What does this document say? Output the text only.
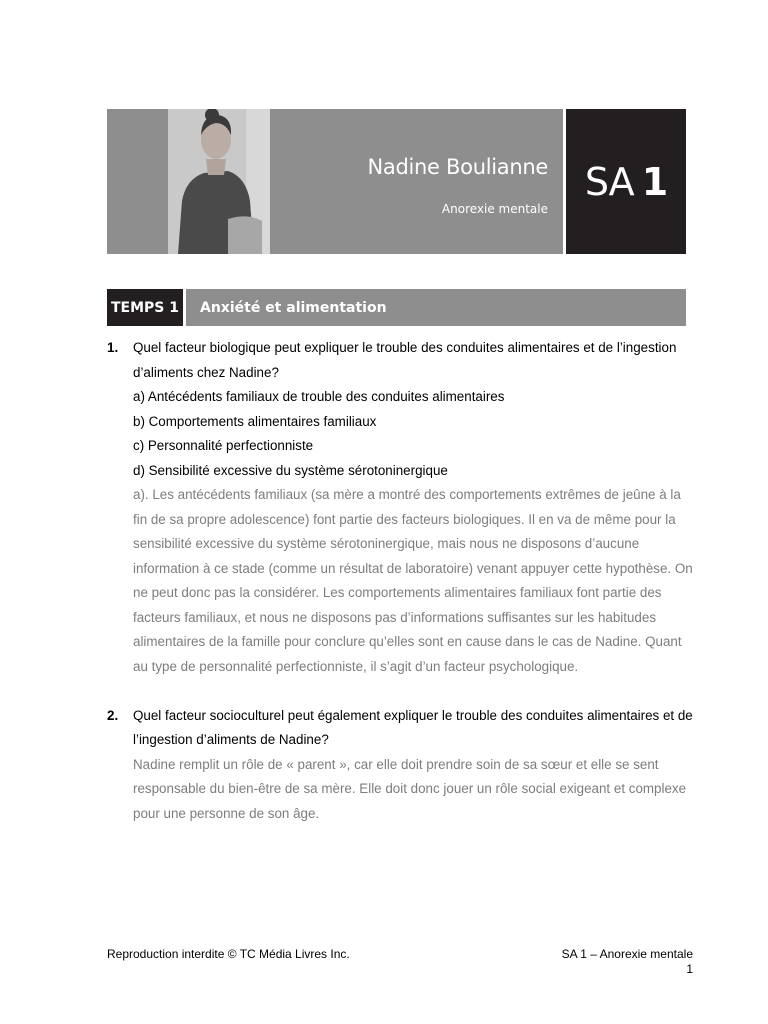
Nadine Boulianne
Anorexie mentale
SA 1
TEMPS 1	Anxiété et alimentation
1.	Quel facteur biologique peut expliquer le trouble des conduites alimentaires et de l’ingestion d’aliments chez Nadine?
a) Antécédents familiaux de trouble des conduites alimentaires
b) Comportements alimentaires familiaux
c) Personnalité perfectionniste
d) Sensibilité excessive du système sérotoninergique
a). Les antécédents familiaux (sa mère a montré des comportements extrêmes de jeûne à la fin de sa propre adolescence) font partie des facteurs biologiques. Il en va de même pour la sensibilité excessive du système sérotoninergique, mais nous ne disposons d’aucune information à ce stade (comme un résultat de laboratoire) venant appuyer cette hypothèse. On ne peut donc pas la considérer. Les comportements alimentaires familiaux font partie des facteurs familiaux, et nous ne disposons pas d’informations suffisantes sur les habitudes alimentaires de la famille pour conclure qu’elles sont en cause dans le cas de Nadine. Quant au type de personnalité perfectionniste, il s’agit d’un facteur psychologique.
2.	Quel facteur socioculturel peut également expliquer le trouble des conduites alimentaires et de l’ingestion d’aliments de Nadine?
Nadine remplit un rôle de « parent », car elle doit prendre soin de sa sœur et elle se sent responsable du bien-être de sa mère. Elle doit donc jouer un rôle social exigeant et complexe pour une personne de son âge.
Reproduction interdite © TC Média Livres Inc.	SA 1 – Anorexie mentale
1
